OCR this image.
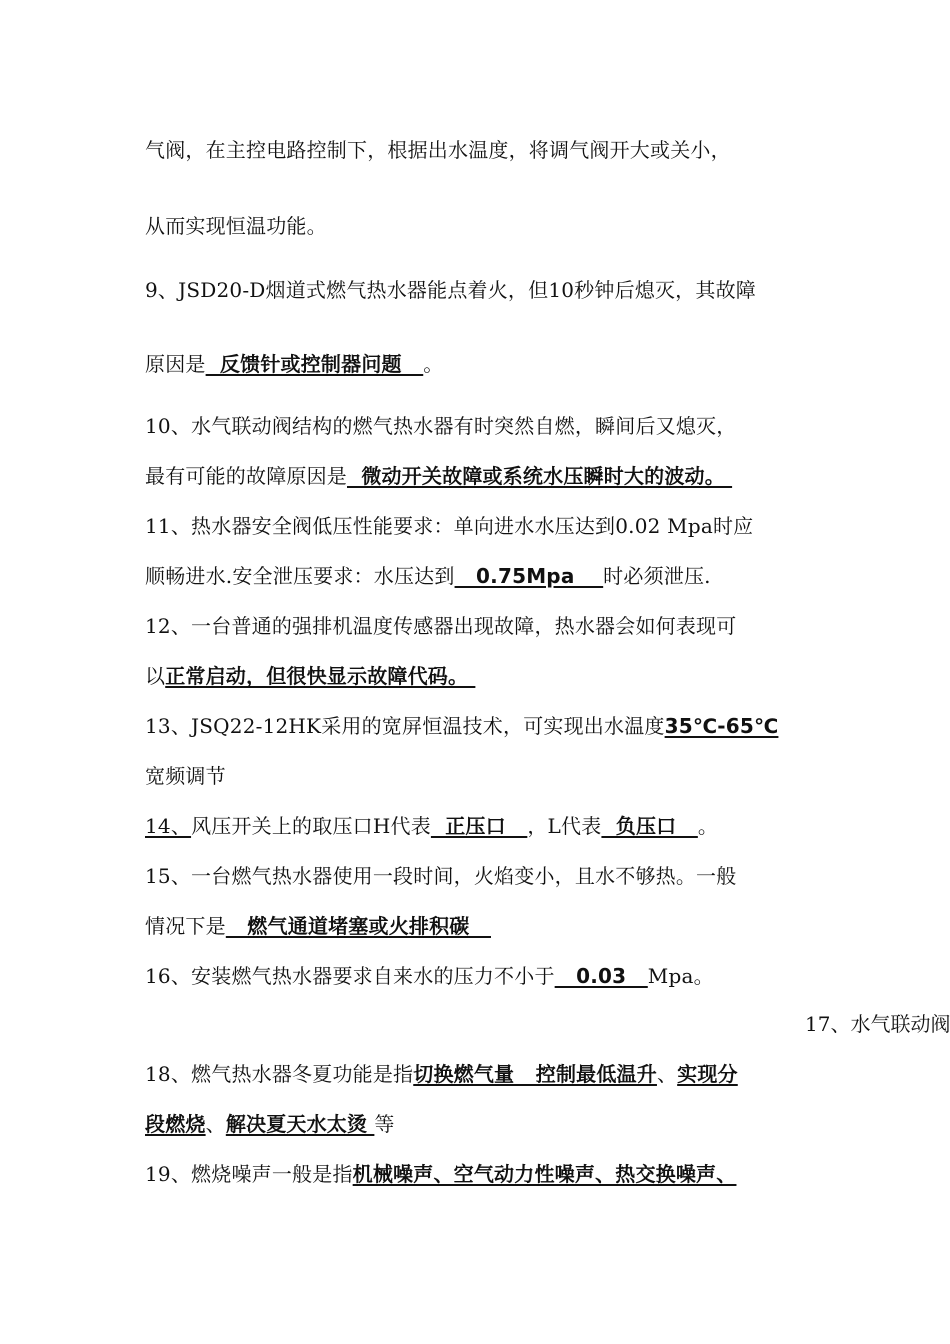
气阀，在主控电路控制下，根据出水温度，将调气阀开大或关小，
从而实现恒温功能。
9、JSD20-D烟道式燃气热水器能点着火，但10秒钟后熄灭，其故障
原因是  反馈针或控制器问题   。
10、水气联动阀结构的燃气热水器有时突然自燃，瞬间后又熄灭，
最有可能的故障原因是  微动开关故障或系统水压瞬时大的波动。
11、热水器安全阀低压性能要求：单向进水水压达到0.02 Mpa时应
顺畅进水.安全泄压要求：水压达到   0.75Mpa    时必须泄压.
12、一台普通的强排机温度传感器出现故障，热水器会如何表现可
以正常启动，但很快显示故障代码。
13、JSQ22-12HK采用的宽屏恒温技术，可实现出水温度35℃-65℃
宽频调节
14、风压开关上的取压口H代表  正压口   ，L代表  负压口   。
15、一台燃气热水器使用一段时间，火焰变小，且水不够热。一般
情况下是   燃气通道堵塞或火排积碳
16、安装燃气热水器要求自来水的压力不小于   0.03   Mpa。
17、水气联动阀
18、燃气热水器冬夏功能是指切换燃气量   控制最低温升、实现分
段燃烧、解决夏天水太烫 等
19、燃烧噪声一般是指机械噪声、空气动力性噪声、热交换噪声、
